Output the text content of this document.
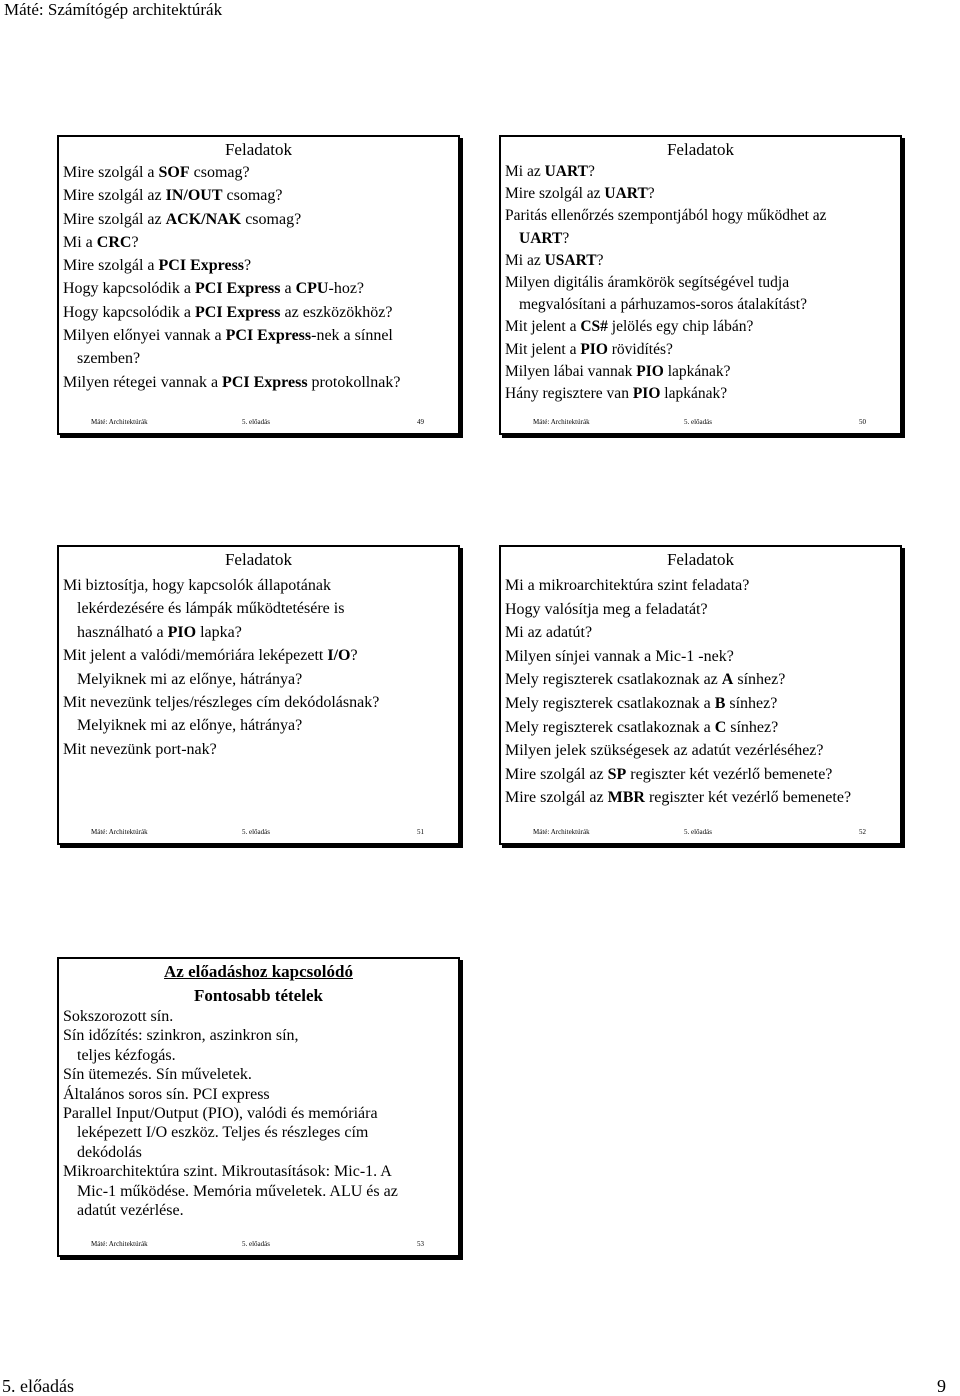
Máté: Számítógép architektúrák
Feladatok
Mire szolgál a SOF csomag?
Mire szolgál az IN/OUT csomag?
Mire szolgál az ACK/NAK csomag?
Mi a CRC?
Mire szolgál a PCI Express?
Hogy kapcsolódik a PCI Express a CPU-hoz?
Hogy kapcsolódik a PCI Express az eszközökhöz?
Milyen előnyei vannak a PCI Express-nek a sínnel
szemben?
Milyen rétegei vannak a PCI Express protokollnak?
Máté: Architektúrák	5. előadás	49
Feladatok
Mi az UART?
Mire szolgál az UART?
Paritás ellenőrzés szempontjából hogy működhet az
UART?
Mi az USART?
Milyen digitális áramkörök segítségével tudja
megvalósítani a párhuzamos-soros átalakítást?
Mit jelent a CS# jelölés egy chip lábán?
Mit jelent a PIO rövidítés?
Milyen lábai vannak PIO lapkának?
Hány regisztere van PIO lapkának?
Máté: Architektúrák	5. előadás	50
Feladatok
Mi biztosítja, hogy kapcsolók állapotának
lekérdezésére és lámpák működtetésére is
használható a PIO lapka?
Mit jelent a valódi/memóriára leképezett I/O?
Melyiknek mi az előnye, hátránya?
Mit nevezünk teljes/részleges cím dekódolásnak?
Melyiknek mi az előnye, hátránya?
Mit nevezünk port-nak?
Máté: Architektúrák	5. előadás	51
Feladatok
Mi a mikroarchitektúra szint feladata?
Hogy valósítja meg a feladatát?
Mi az adatút?
Milyen sínjei vannak a Mic-1 -nek?
Mely regiszterek csatlakoznak az A sínhez?
Mely regiszterek csatlakoznak a B sínhez?
Mely regiszterek csatlakoznak a C sínhez?
Milyen jelek szükségesek az adatút vezérléséhez?
Mire szolgál az SP regiszter két vezérlő bemenete?
Mire szolgál az MBR regiszter két vezérlő bemenete?
Máté: Architektúrák	5. előadás	52
Az előadáshoz kapcsolódó
Fontosabb tételek
Sokszorozott sín.
Sín időzítés: szinkron, aszinkron sín,
teljes kézfogás.
Sín ütemezés. Sín műveletek.
Általános soros sín. PCI express
Parallel Input/Output (PIO), valódi és memóriára
leképezett I/O eszköz. Teljes és részleges cím
dekódolás
Mikroarchitektúra szint. Mikroutasítások: Mic-1. A
Mic-1 működése. Memória műveletek. ALU és az
adatút vezérlése.
Máté: Architektúrák	5. előadás	53
5. előadás	9
